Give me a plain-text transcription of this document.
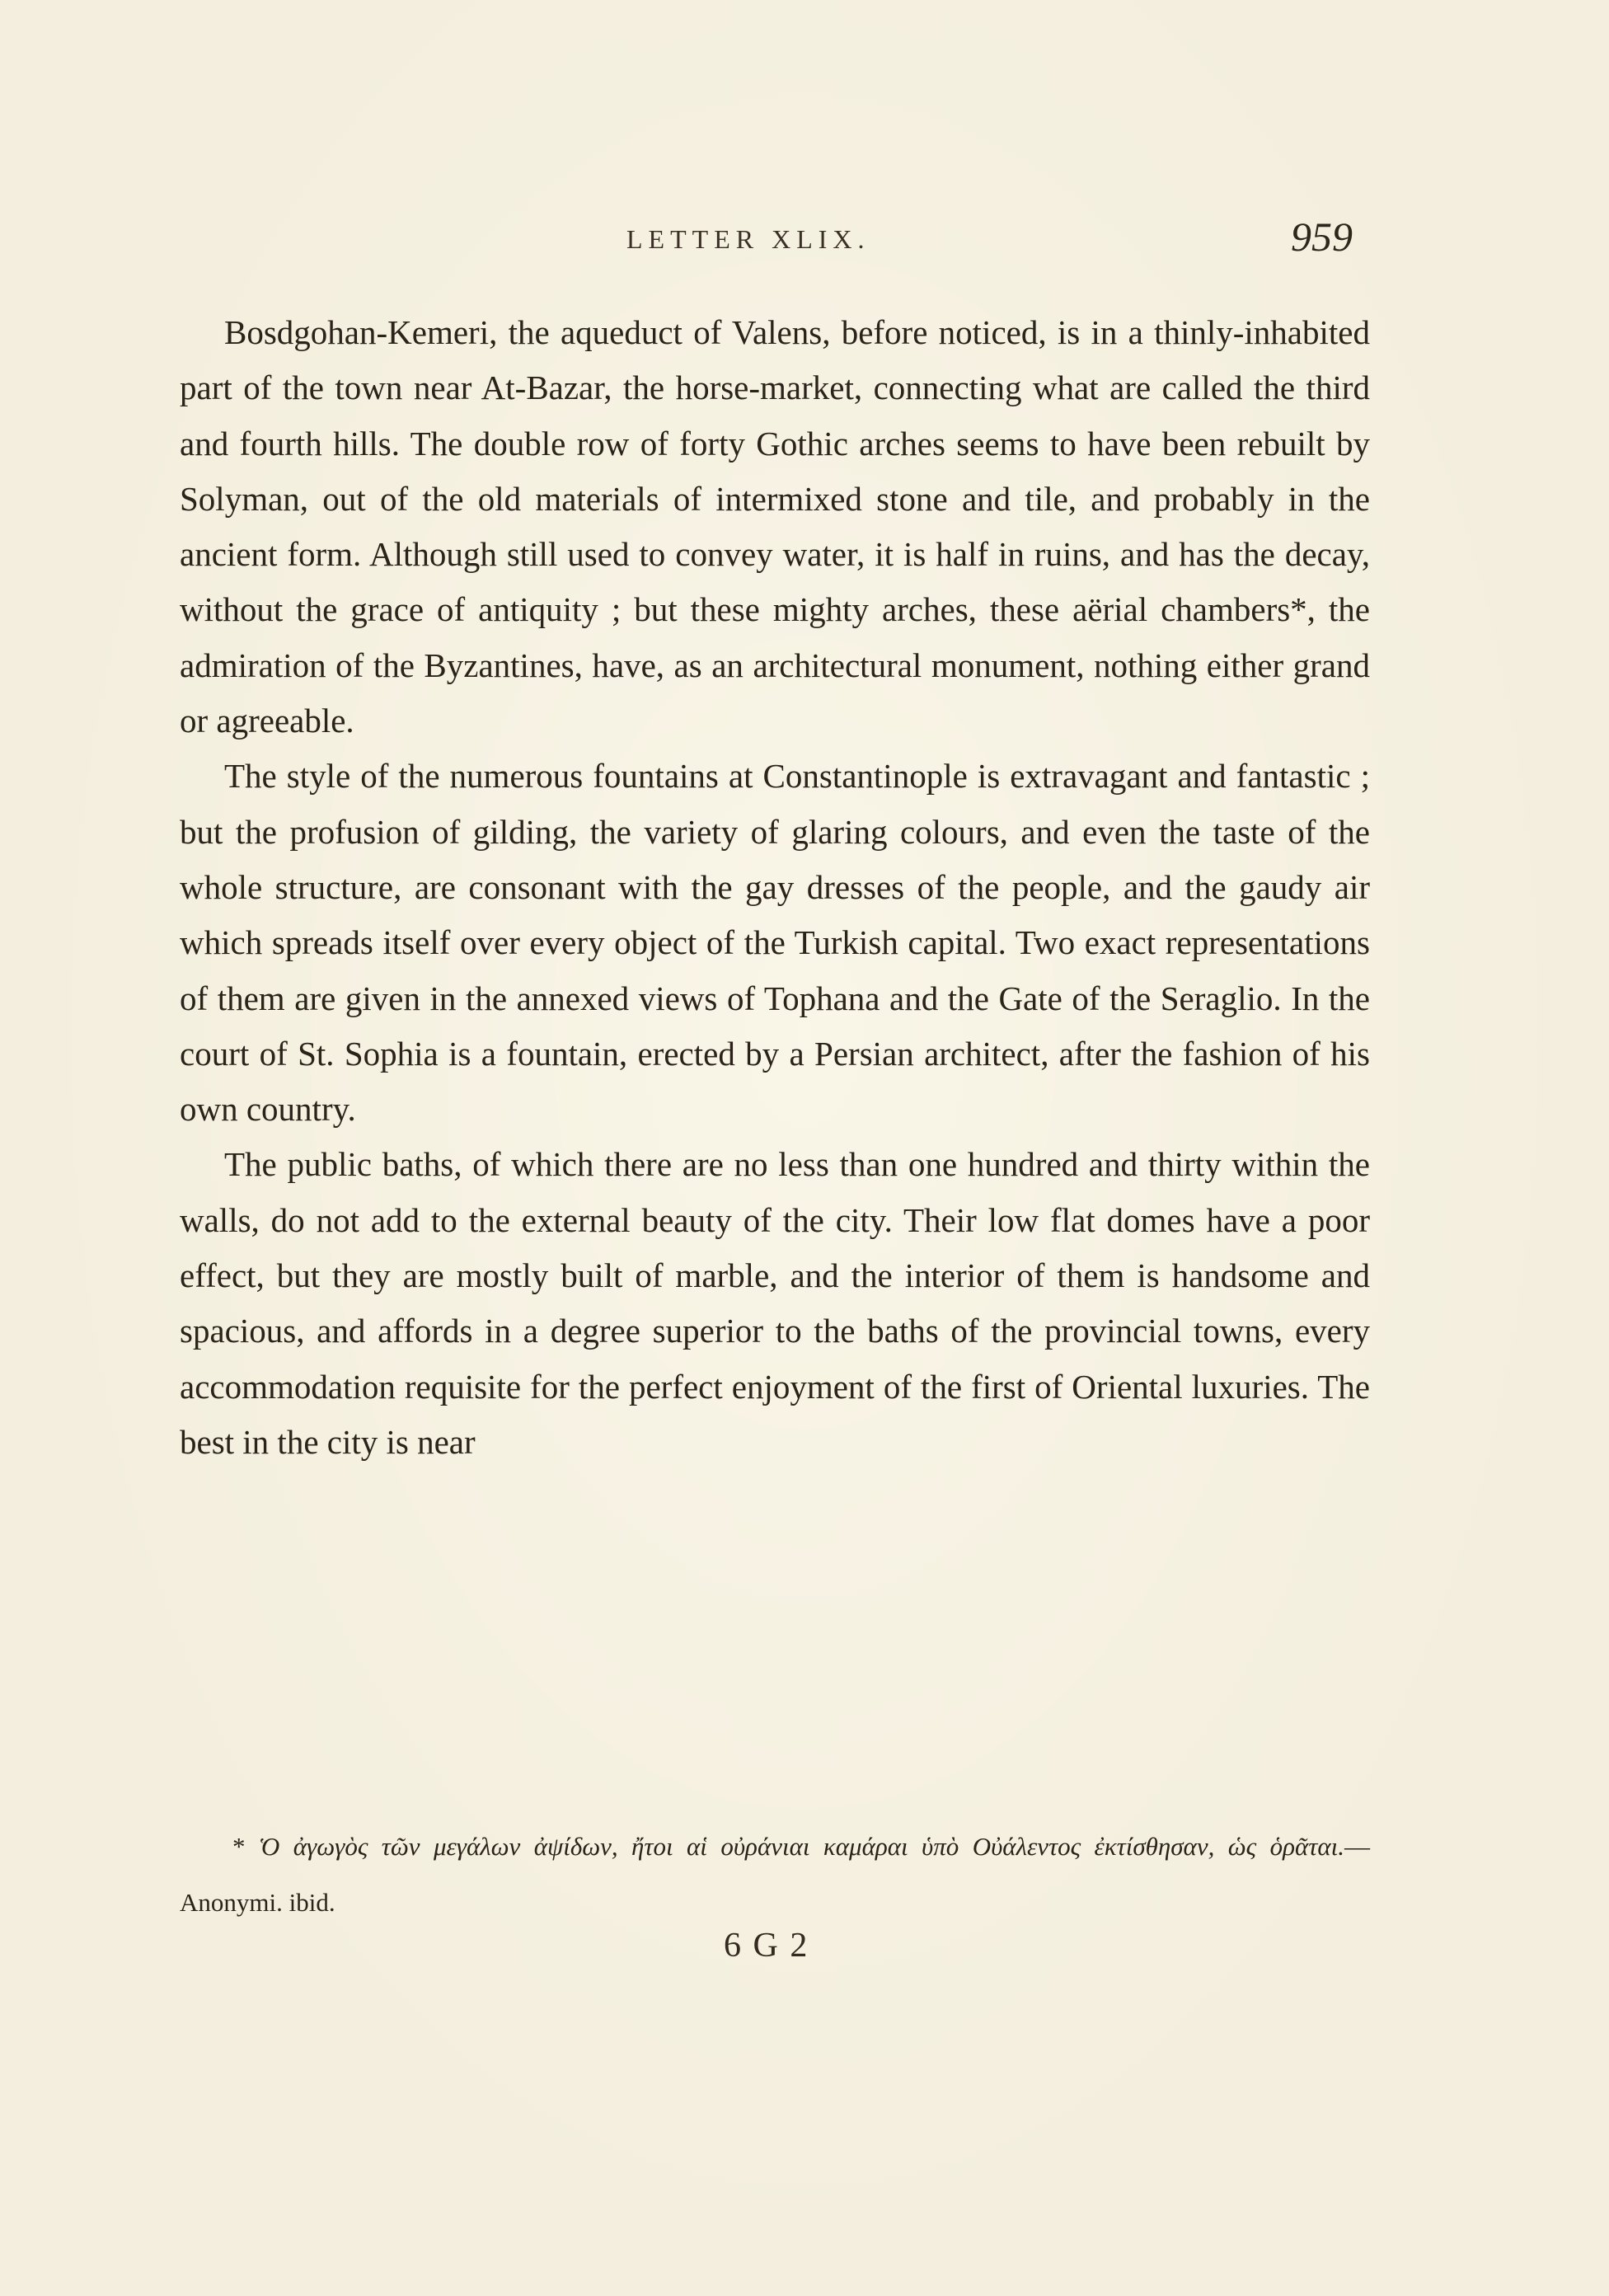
LETTER XLIX.	959

Bosdgohan-Kemeri, the aqueduct of Valens, before noticed, is in a thinly-inhabited part of the town near At-Bazar, the horse-market, connecting what are called the third and fourth hills. The double row of forty Gothic arches seems to have been rebuilt by Solyman, out of the old materials of intermixed stone and tile, and probably in the ancient form. Although still used to convey water, it is half in ruins, and has the decay, without the grace of antiquity ; but these mighty arches, these aërial chambers*, the admiration of the Byzantines, have, as an architectural monument, nothing either grand or agreeable.

The style of the numerous fountains at Constantinople is extravagant and fantastic ; but the profusion of gilding, the variety of glaring colours, and even the taste of the whole structure, are consonant with the gay dresses of the people, and the gaudy air which spreads itself over every object of the Turkish capital. Two exact representations of them are given in the annexed views of Tophana and the Gate of the Seraglio. In the court of St. Sophia is a fountain, erected by a Persian architect, after the fashion of his own country.

The public baths, of which there are no less than one hundred and thirty within the walls, do not add to the external beauty of the city. Their low flat domes have a poor effect, but they are mostly built of marble, and the interior of them is handsome and spacious, and affords in a degree superior to the baths of the provincial towns, every accommodation requisite for the perfect enjoyment of the first of Oriental luxuries. The best in the city is near

* Ὁ ἀγωγὸς τῶν μεγάλων ἀψίδων, ἤτοι αἱ οὐράνιαι καμάραι ὑπὸ Οὐάλεντος ἐκτίσθησαν, ὡς ὁρᾶται.—Anonymi. ibid.
6 G 2
